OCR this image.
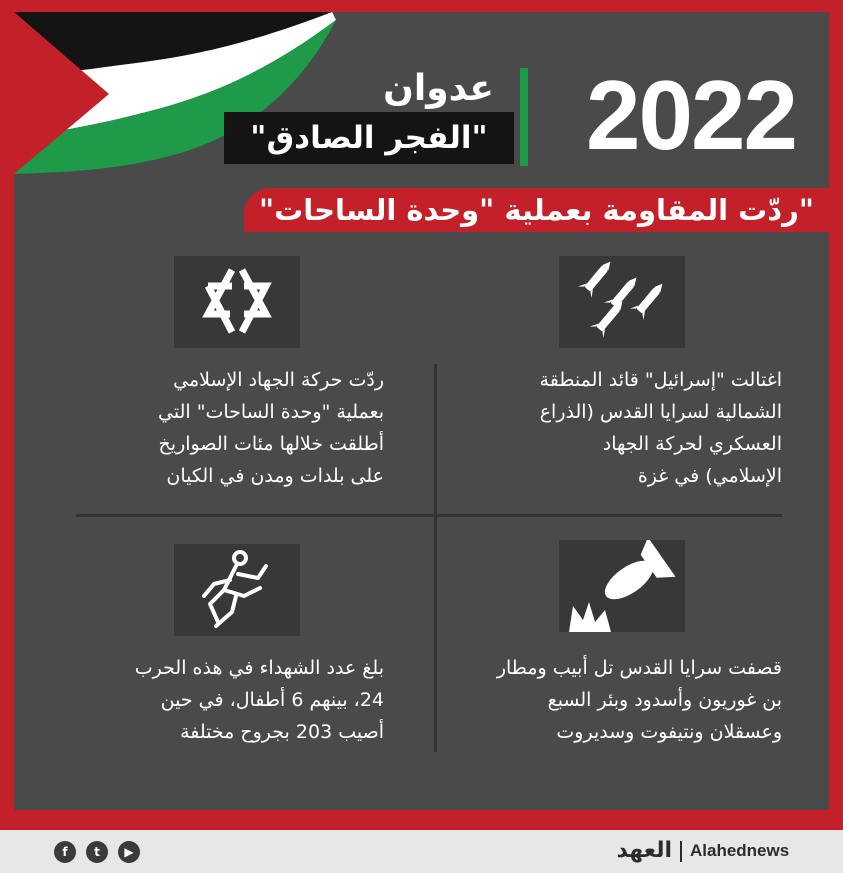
2022
عدوان
"الفجر الصادق"
"ردّت المقاومة بعملية "وحدة الساحات"
اغتالت "إسرائيل" قائد المنطقة
الشمالية لسرايا القدس (الذراع
العسكري لحركة الجهاد
الإسلامي) في غزة
ردّت حركة الجهاد الإسلامي
بعملية "وحدة الساحات" التي
أطلقت خلالها مئات الصواريخ
على بلدات ومدن في الكيان
قصفت سرايا القدس تل أبيب ومطار
بن غوريون وأسدود وبئر السبع
وعسقلان ونتيفوت وسديروت
بلغ عدد الشهداء في هذه الحرب
24، بينهم 6 أطفال، في حين
أصيب 203 بجروح مختلفة
f	t	▶	العهد Alahednews
